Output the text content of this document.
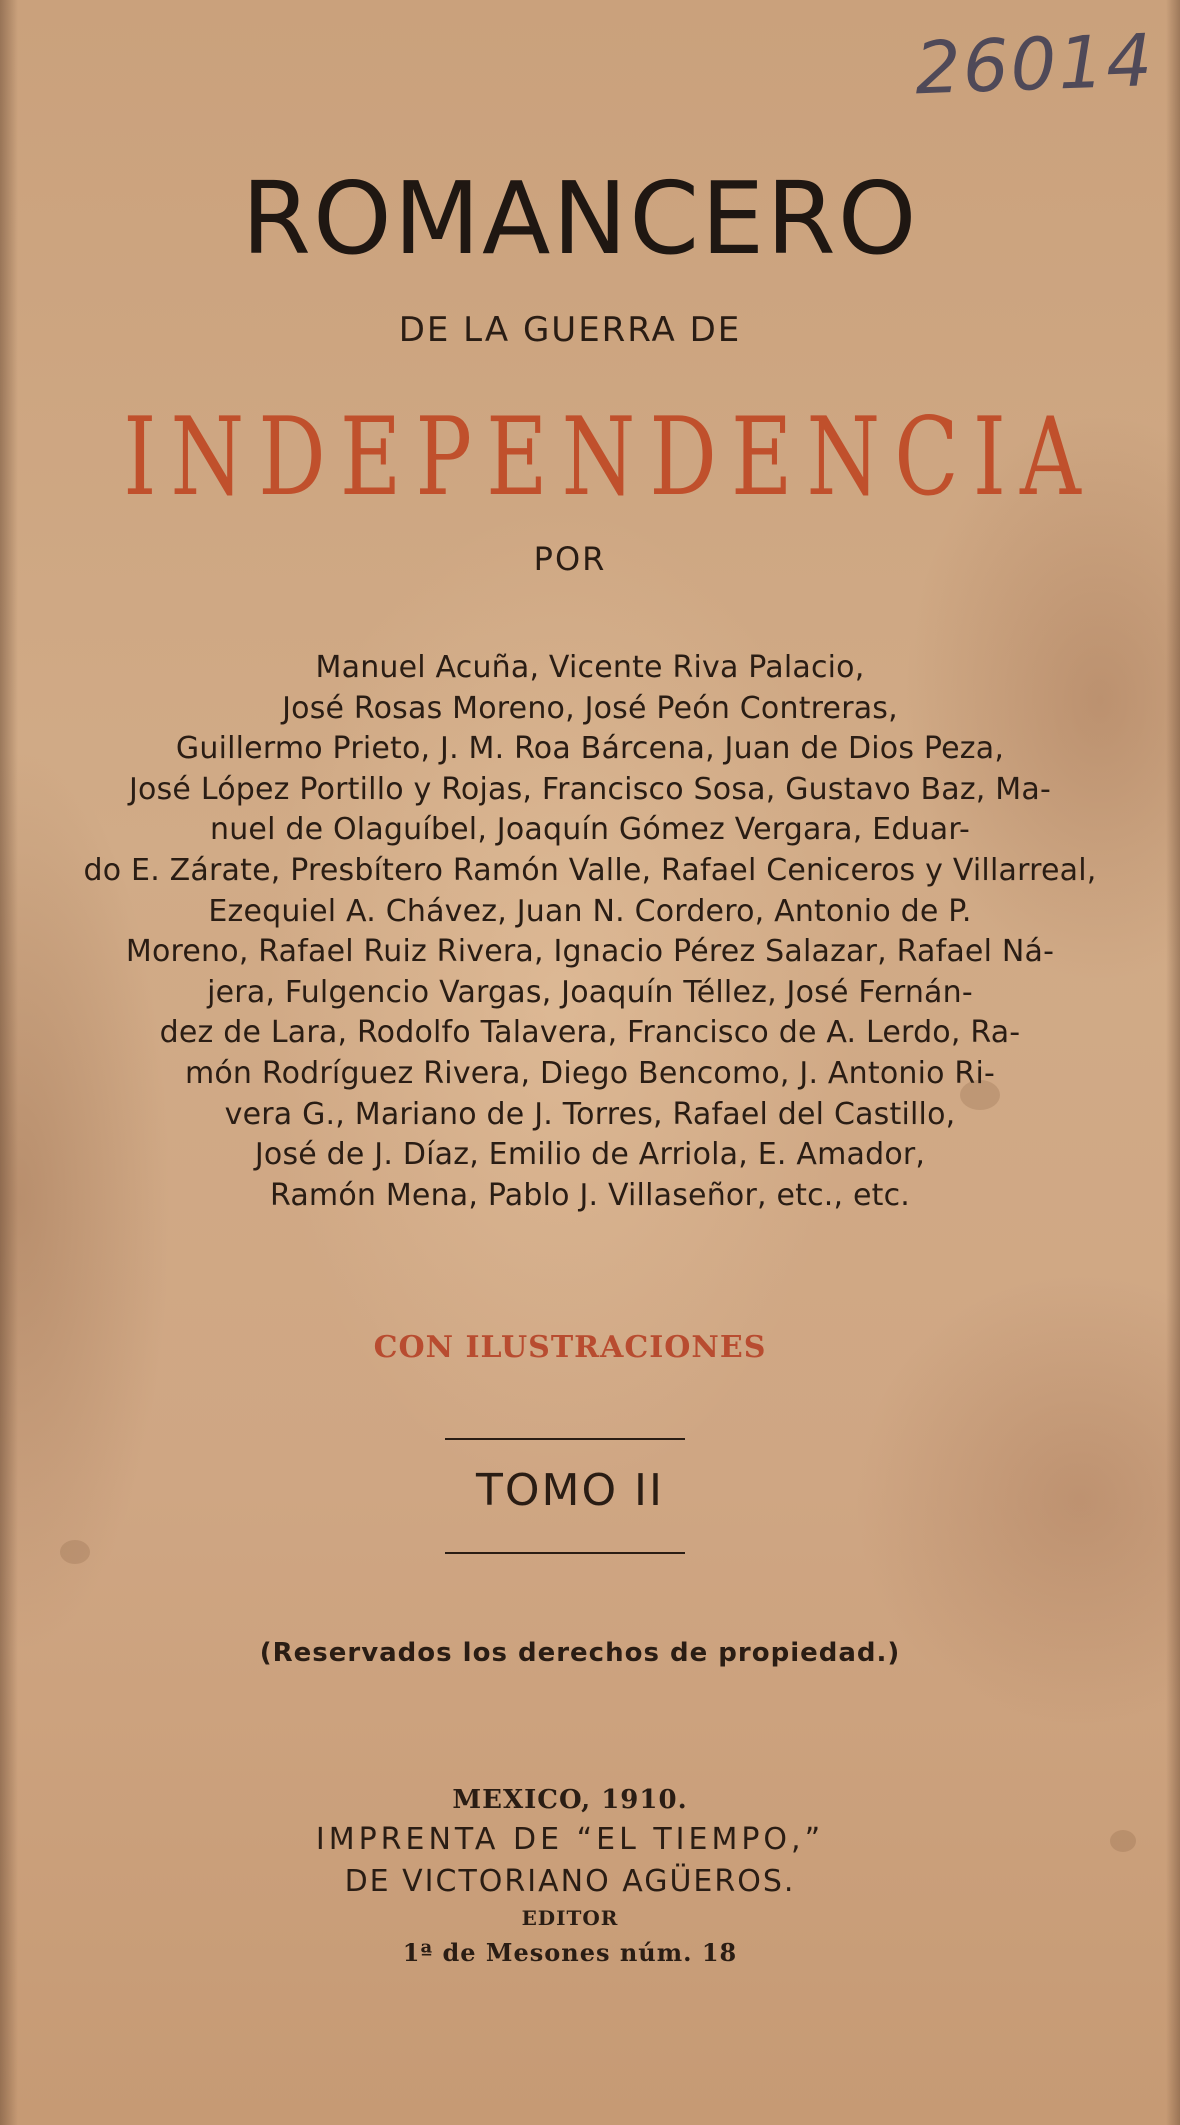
26014
ROMANCERO
DE LA GUERRA DE
INDEPENDENCIA
POR
Manuel Acuña, Vicente Riva Palacio,
José Rosas Moreno, José Peón Contreras,
Guillermo Prieto, J. M. Roa Bárcena, Juan de Dios Peza,
José López Portillo y Rojas, Francisco Sosa, Gustavo Baz, Ma-
nuel de Olaguíbel, Joaquín Gómez Vergara, Eduar-
do E. Zárate, Presbítero Ramón Valle, Rafael Ceniceros y Villarreal,
Ezequiel A. Chávez, Juan N. Cordero, Antonio de P.
Moreno, Rafael Ruiz Rivera, Ignacio Pérez Salazar, Rafael Ná-
jera, Fulgencio Vargas, Joaquín Téllez, José Fernán-
dez de Lara, Rodolfo Talavera, Francisco de A. Lerdo, Ra-
món Rodríguez Rivera, Diego Bencomo, J. Antonio Ri-
vera G., Mariano de J. Torres, Rafael del Castillo,
José de J. Díaz, Emilio de Arriola, E. Amador,
Ramón Mena, Pablo J. Villaseñor, etc., etc.
CON ILUSTRACIONES
TOMO II
(Reservados los derechos de propiedad.)
MEXICO, 1910.
IMPRENTA DE “EL TIEMPO,”
DE VICTORIANO AGÜEROS.
EDITOR
1ª de Mesones núm. 18
